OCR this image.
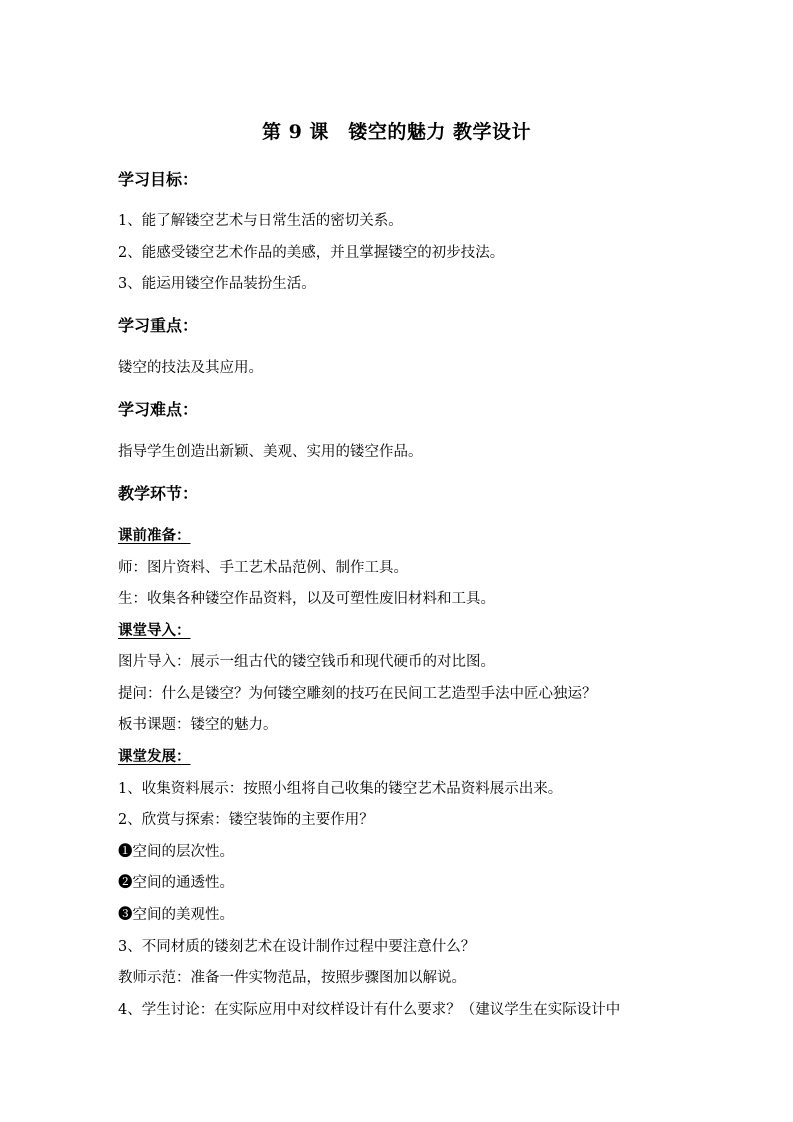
第 9 课　镂空的魅力 教学设计
学习目标：
1、能了解镂空艺术与日常生活的密切关系。
2、能感受镂空艺术作品的美感，并且掌握镂空的初步技法。
3、能运用镂空作品装扮生活。
学习重点：
镂空的技法及其应用。
学习难点：
指导学生创造出新颖、美观、实用的镂空作品。
教学环节：
课前准备：
师：图片资料、手工艺术品范例、制作工具。
生：收集各种镂空作品资料，以及可塑性废旧材料和工具。
课堂导入：
图片导入：展示一组古代的镂空钱币和现代硬币的对比图。
提问：什么是镂空？为何镂空雕刻的技巧在民间工艺造型手法中匠心独运？
板书课题：镂空的魅力。
课堂发展：
1、收集资料展示：按照小组将自己收集的镂空艺术品资料展示出来。
2、欣赏与探索：镂空装饰的主要作用？
➊空间的层次性。
➋空间的通透性。
➌空间的美观性。
3、不同材质的镂刻艺术在设计制作过程中要注意什么？
教师示范：准备一件实物范品，按照步骤图加以解说。
4、学生讨论：在实际应用中对纹样设计有什么要求？（建议学生在实际设计中
